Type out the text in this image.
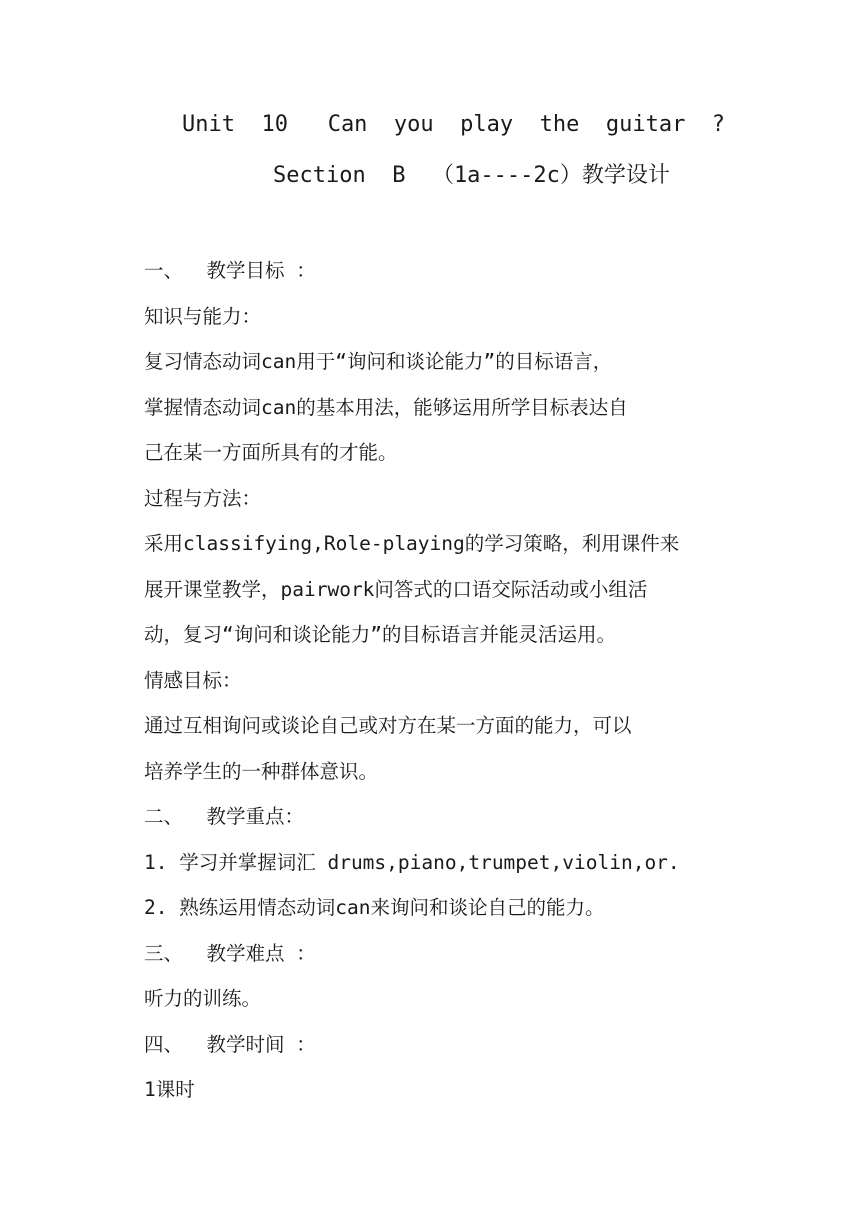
Unit  10   Can  you  play  the  guitar  ?
Section  B  （1a----2c）教学设计

一、  教学目标 ：

知识与能力：

复习情态动词can用于“询问和谈论能力”的目标语言，

掌握情态动词can的基本用法，能够运用所学目标表达自

己在某一方面所具有的才能。

过程与方法：

采用classifying,Role-playing的学习策略，利用课件来

展开课堂教学，pairwork问答式的口语交际活动或小组活

动，复习“询问和谈论能力”的目标语言并能灵活运用。

情感目标：

通过互相询问或谈论自己或对方在某一方面的能力，可以

培养学生的一种群体意识。

二、  教学重点：

1. 学习并掌握词汇 drums,piano,trumpet,violin,or.

2. 熟练运用情态动词can来询问和谈论自己的能力。

三、  教学难点 ：

听力的训练。

四、  教学时间 ：

1课时
